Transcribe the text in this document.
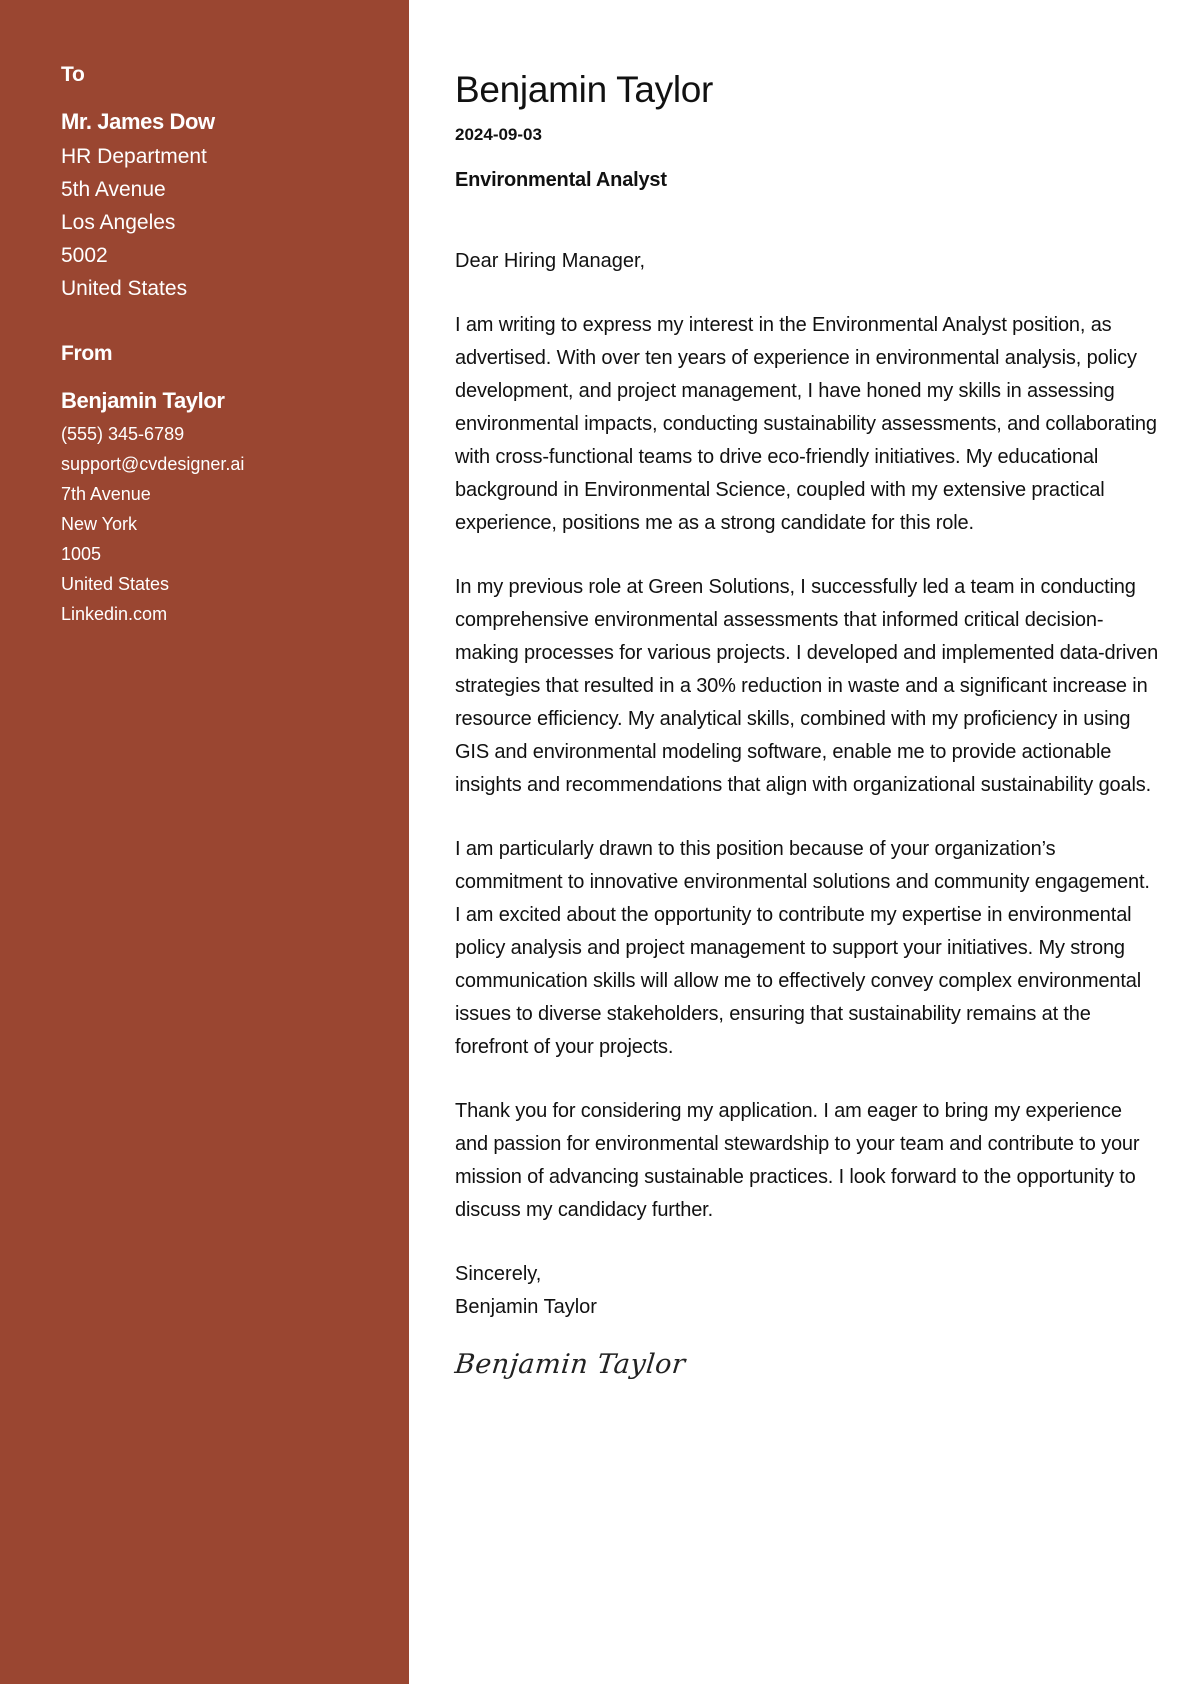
To

Mr. James Dow

HR Department

5th Avenue

Los Angeles

5002

United States

From

Benjamin Taylor

(555) 345-6789

support@cvdesigner.ai

7th Avenue

New York

1005

United States

Linkedin.com

Benjamin Taylor

2024-09-03

Environmental Analyst

Dear Hiring Manager,

I am writing to express my interest in the Environmental Analyst position, as advertised. With over ten years of experience in environmental analysis, policy development, and project management, I have honed my skills in assessing environmental impacts, conducting sustainability assessments, and collaborating with cross-functional teams to drive eco-friendly initiatives. My educational background in Environmental Science, coupled with my extensive practical experience, positions me as a strong candidate for this role.

In my previous role at Green Solutions, I successfully led a team in conducting comprehensive environmental assessments that informed critical decision-making processes for various projects. I developed and implemented data-driven strategies that resulted in a 30% reduction in waste and a significant increase in resource efficiency. My analytical skills, combined with my proficiency in using GIS and environmental modeling software, enable me to provide actionable insights and recommendations that align with organizational sustainability goals.

I am particularly drawn to this position because of your organization’s commitment to innovative environmental solutions and community engagement. I am excited about the opportunity to contribute my expertise in environmental policy analysis and project management to support your initiatives. My strong communication skills will allow me to effectively convey complex environmental issues to diverse stakeholders, ensuring that sustainability remains at the forefront of your projects.

Thank you for considering my application. I am eager to bring my experience and passion for environmental stewardship to your team and contribute to your mission of advancing sustainable practices. I look forward to the opportunity to discuss my candidacy further.

Sincerely,
Benjamin Taylor
Benjamin Taylor
